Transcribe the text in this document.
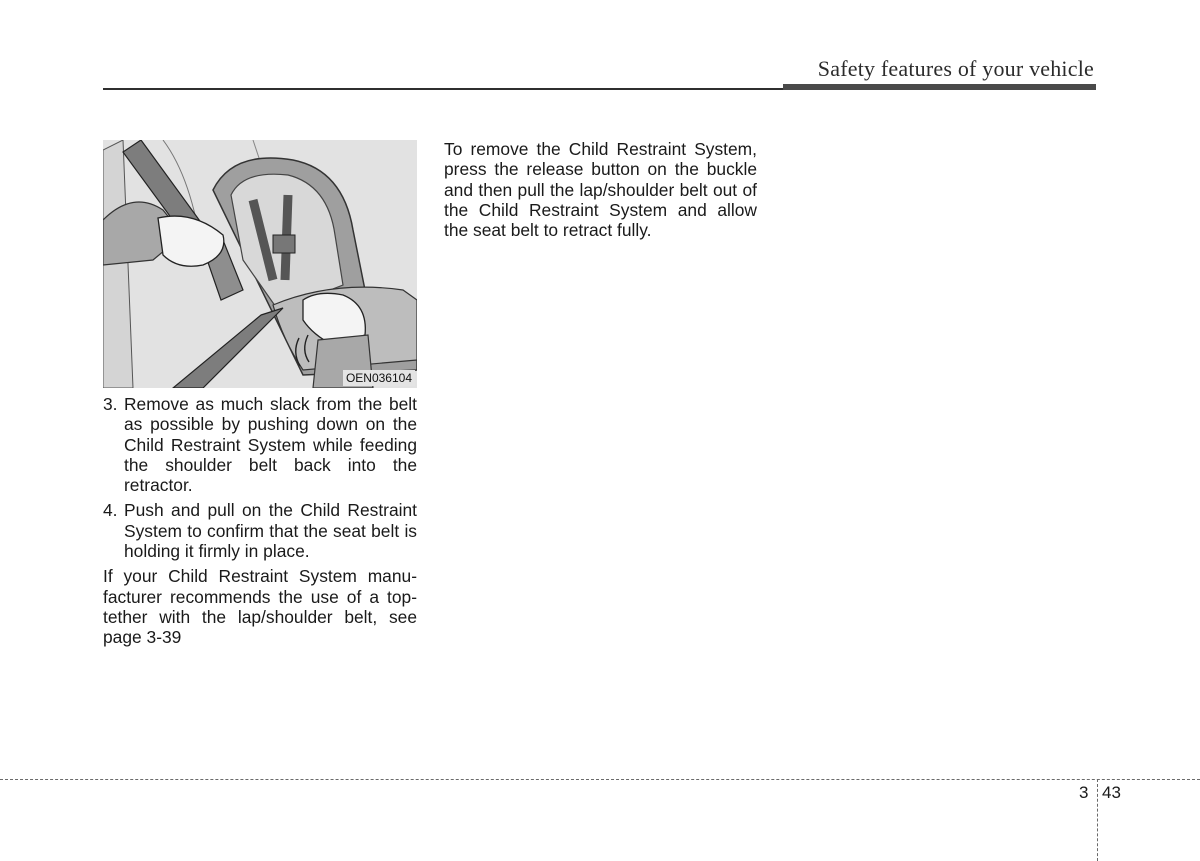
Safety features of your vehicle
OEN036104
3. Remove as much slack from the belt as possible by pushing down on the Child Restraint System while feeding the shoulder belt back into the retractor.
4. Push and pull on the Child Restraint System to confirm that the seat belt is holding it firmly in place.

If your Child Restraint System manu-facturer recommends the use of a top-tether with the lap/shoulder belt, see page 3-39

To remove the Child Restraint System, press the release button on the buckle and then pull the lap/shoulder belt out of the Child Restraint System and allow the seat belt to retract fully.

3 43
